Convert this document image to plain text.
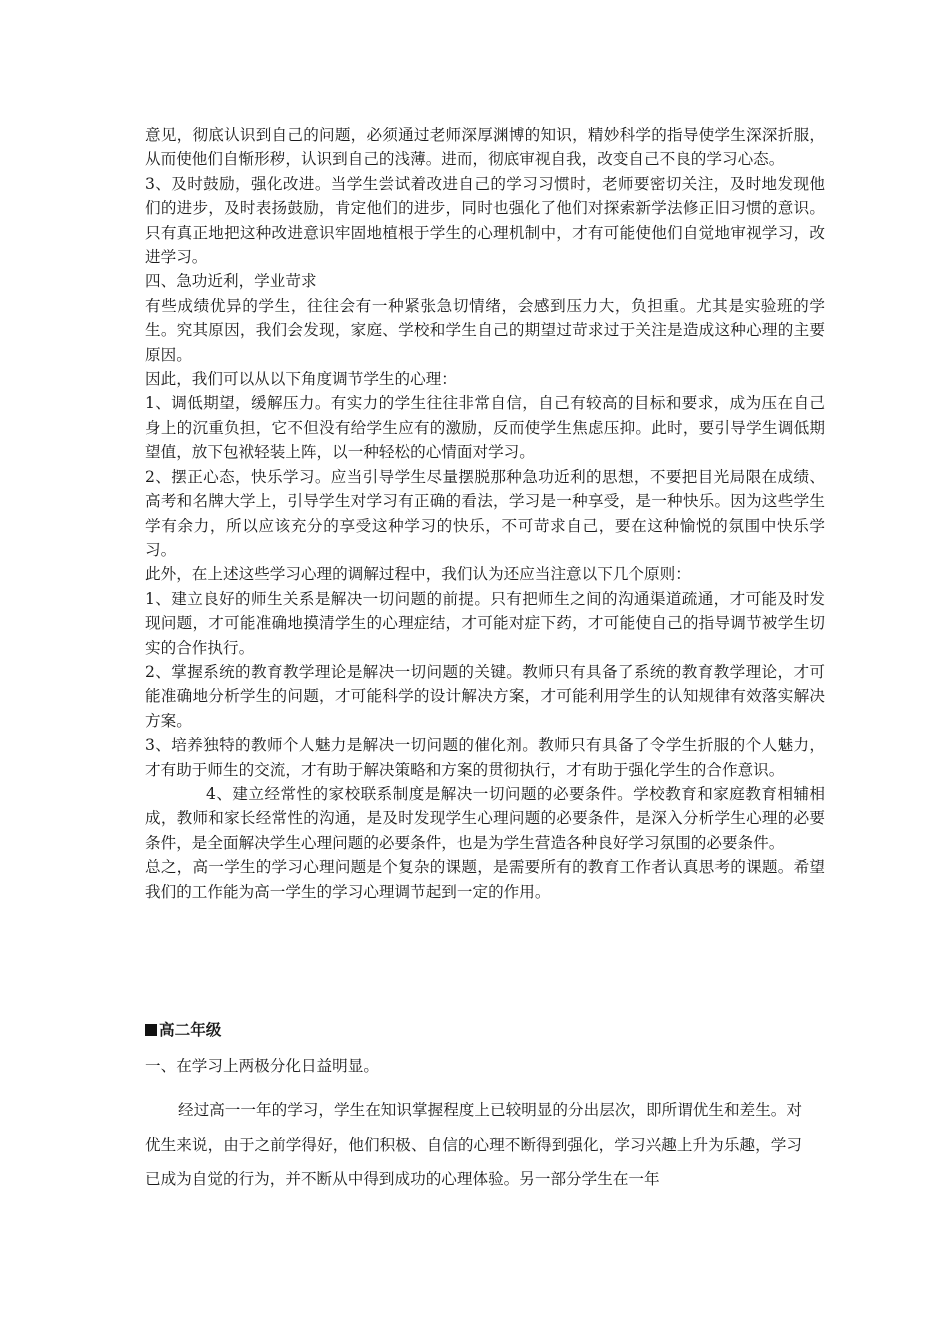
意见，彻底认识到自己的问题，必须通过老师深厚渊博的知识，精妙科学的指导使学生深深折服，从而使他们自惭形秽，认识到自己的浅薄。进而，彻底审视自我，改变自己不良的学习心态。

3、及时鼓励，强化改进。当学生尝试着改进自己的学习习惯时，老师要密切关注，及时地发现他们的进步，及时表扬鼓励，肯定他们的进步，同时也强化了他们对探索新学法修正旧习惯的意识。只有真正地把这种改进意识牢固地植根于学生的心理机制中，才有可能使他们自觉地审视学习，改进学习。

四、急功近利，学业苛求

有些成绩优异的学生，往往会有一种紧张急切情绪，会感到压力大，负担重。尤其是实验班的学生。究其原因，我们会发现，家庭、学校和学生自己的期望过苛求过于关注是造成这种心理的主要原因。

因此，我们可以从以下角度调节学生的心理：

1、调低期望，缓解压力。有实力的学生往往非常自信，自己有较高的目标和要求，成为压在自己身上的沉重负担，它不但没有给学生应有的激励，反而使学生焦虑压抑。此时，要引导学生调低期望值，放下包袱轻装上阵，以一种轻松的心情面对学习。

2、摆正心态，快乐学习。应当引导学生尽量摆脱那种急功近利的思想，不要把目光局限在成绩、高考和名牌大学上，引导学生对学习有正确的看法，学习是一种享受，是一种快乐。因为这些学生学有余力，所以应该充分的享受这种学习的快乐，不可苛求自己，要在这种愉悦的氛围中快乐学习。

此外，在上述这些学习心理的调解过程中，我们认为还应当注意以下几个原则：

1、建立良好的师生关系是解决一切问题的前提。只有把师生之间的沟通渠道疏通，才可能及时发现问题，才可能准确地摸清学生的心理症结，才可能对症下药，才可能使自己的指导调节被学生切实的合作执行。

2、掌握系统的教育教学理论是解决一切问题的关键。教师只有具备了系统的教育教学理论，才可能准确地分析学生的问题，才可能科学的设计解决方案，才可能利用学生的认知规律有效落实解决方案。

3、培养独特的教师个人魅力是解决一切问题的催化剂。教师只有具备了令学生折服的个人魅力，才有助于师生的交流，才有助于解决策略和方案的贯彻执行，才有助于强化学生的合作意识。

4、建立经常性的家校联系制度是解决一切问题的必要条件。学校教育和家庭教育相辅相成，教师和家长经常性的沟通，是及时发现学生心理问题的必要条件，是深入分析学生心理的必要条件，是全面解决学生心理问题的必要条件，也是为学生营造各种良好学习氛围的必要条件。

总之，高一学生的学习心理问题是个复杂的课题，是需要所有的教育工作者认真思考的课题。希望我们的工作能为高一学生的学习心理调节起到一定的作用。

高二年级

一、在学习上两极分化日益明显。

经过高一一年的学习，学生在知识掌握程度上已较明显的分出层次，即所谓优生和差生。对优生来说，由于之前学得好，他们积极、自信的心理不断得到强化，学习兴趣上升为乐趣，学习已成为自觉的行为，并不断从中得到成功的心理体验。另一部分学生在一年
